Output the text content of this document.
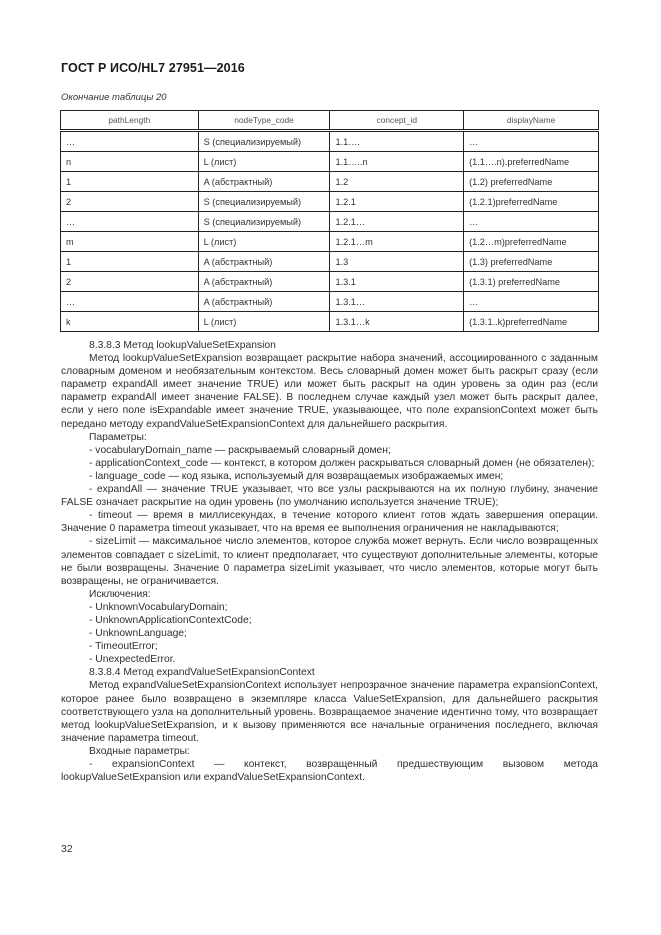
ГОСТ Р ИСО/HL7 27951—2016
Окончание таблицы 20
pathLength	nodeType_code	concept_id	displayName
…	S (специализируемый)	1.1….	…
n	L (лист)	1.1…..n	(1.1….n).preferredName
1	A (абстрактный)	1.2	(1.2) preferredName
2	S (специализируемый)	1.2.1	(1.2.1)preferredName
…	S (специализируемый)	1.2.1…	…
m	L (лист)	1.2.1…m	(1.2…m)preferredName
1	A (абстрактный)	1.3	(1.3) preferredName
2	A (абстрактный)	1.3.1	(1.3.1) preferredName
…	A (абстрактный)	1.3.1…	…
k	L (лист)	1.3.1…k	(1.3.1..k)preferredName

8.3.8.3 Метод lookupValueSetExpansion

Метод lookupValueSetExpansion возвращает раскрытие набора значений, ассоциированного с заданным словарным доменом и необязательным контекстом. Весь словарный домен может быть раскрыт сразу (если параметр expandAll имеет значение TRUE) или может быть раскрыт на один уровень за один раз (если параметр expandAll имеет значение FALSE). В последнем случае каждый узел может быть раскрыт далее, если у него поле isExpandable имеет значение TRUE, указывающее, что поле expansionContext может быть передано методу expandValueSetExpansionContext для дальнейшего раскрытия.

Параметры:

- vocabularyDomain_name — раскрываемый словарный домен;

- applicationContext_code — контекст, в котором должен раскрываться словарный домен (не обязателен);

- language_code — код языка, используемый для возвращаемых изображаемых имен;

- expandAll — значение TRUE указывает, что все узлы раскрываются на их полную глубину, значение FALSE означает раскрытие на один уровень (по умолчанию используется значение TRUE);

- timeout — время в миллисекундах, в течение которого клиент готов ждать завершения операции. Значение 0 параметра timeout указывает, что на время ее выполнения ограничения не накладываются;

- sizeLimit — максимальное число элементов, которое служба может вернуть. Если число возвращенных элементов совпадает с sizeLimit, то клиент предполагает, что существуют дополнительные элементы, которые не были возвращены. Значение 0 параметра sizeLimit указывает, что число элементов, которые могут быть возвращены, не ограничивается.

Исключения:

- UnknownVocabularyDomain;

- UnknownApplicationContextCode;

- UnknownLanguage;

- TimeoutError;

- UnexpectedError.

8.3.8.4 Метод expandValueSetExpansionContext

Метод expandValueSetExpansionContext использует непрозрачное значение параметра expansionContext, которое ранее было возвращено в экземпляре класса ValueSetExpansion, для дальнейшего раскрытия соответствующего узла на дополнительный уровень. Возвращаемое значение идентично тому, что возвращает метод lookupValueSetExpansion, и к вызову применяются все начальные ограничения последнего, включая значение параметра timeout.

Входные параметры:

- expansionContext — контекст, возвращенный предшествующим вызовом метода lookupValueSetExpansion или expandValueSetExpansionContext.

32
